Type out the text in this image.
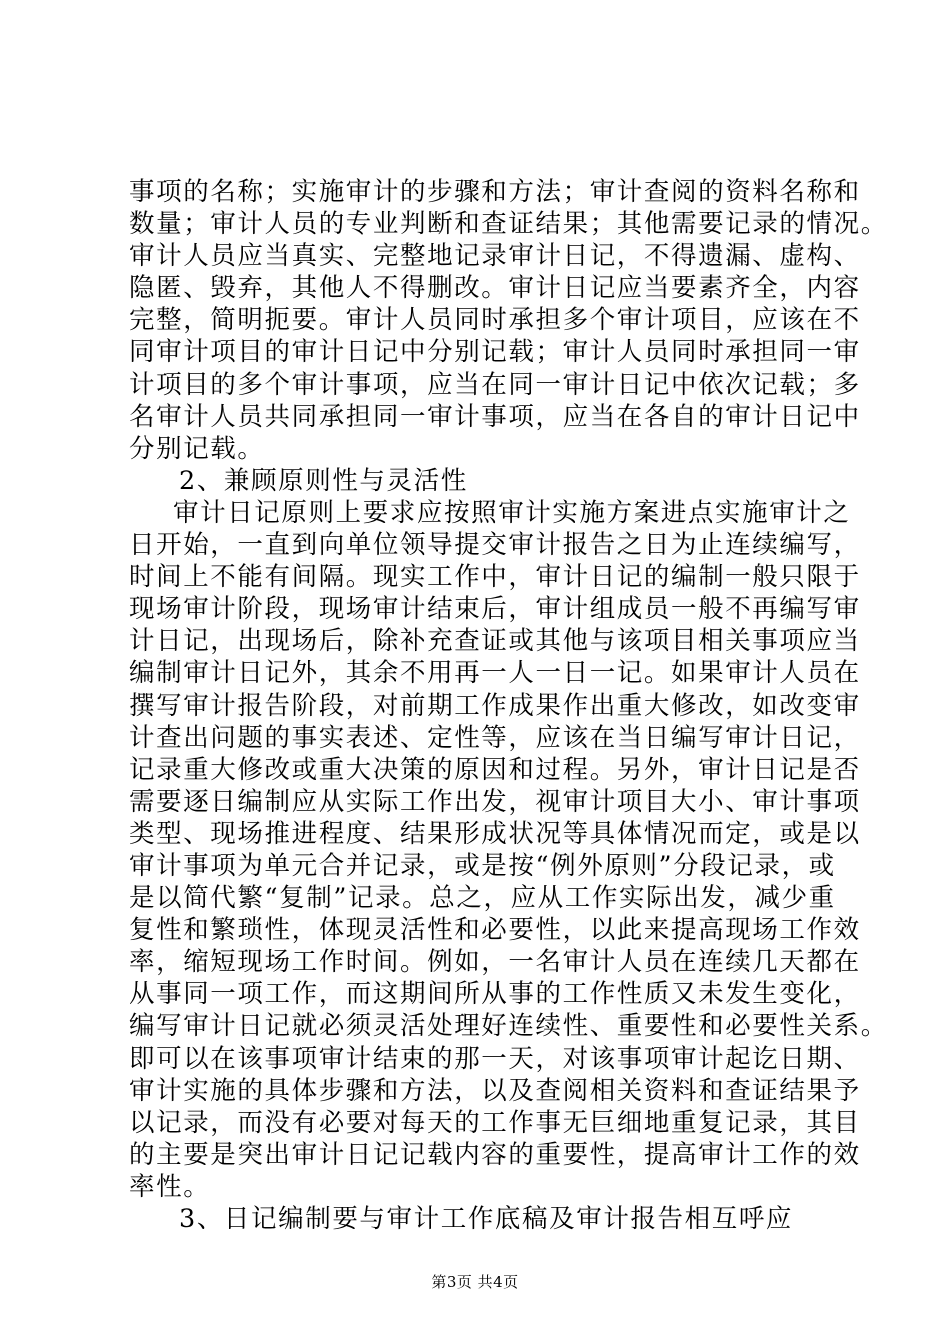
事项的名称；实施审计的步骤和方法；审计查阅的资料名称和
数量；审计人员的专业判断和查证结果；其他需要记录的情况。
审计人员应当真实、完整地记录审计日记，不得遗漏、虚构、
隐匿、毁弃，其他人不得删改。审计日记应当要素齐全，内容
完整，简明扼要。审计人员同时承担多个审计项目，应该在不
同审计项目的审计日记中分别记载；审计人员同时承担同一审
计项目的多个审计事项，应当在同一审计日记中依次记载；多
名审计人员共同承担同一审计事项，应当在各自的审计日记中
分别记载。
2、兼顾原则性与灵活性
审计日记原则上要求应按照审计实施方案进点实施审计之
日开始，一直到向单位领导提交审计报告之日为止连续编写，
时间上不能有间隔。现实工作中，审计日记的编制一般只限于
现场审计阶段，现场审计结束后，审计组成员一般不再编写审
计日记，出现场后，除补充查证或其他与该项目相关事项应当
编制审计日记外，其余不用再一人一日一记。如果审计人员在
撰写审计报告阶段，对前期工作成果作出重大修改，如改变审
计查出问题的事实表述、定性等，应该在当日编写审计日记，
记录重大修改或重大决策的原因和过程。另外，审计日记是否
需要逐日编制应从实际工作出发，视审计项目大小、审计事项
类型、现场推进程度、结果形成状况等具体情况而定，或是以
审计事项为单元合并记录，或是按“例外原则”分段记录，或
是以简代繁“复制”记录。总之，应从工作实际出发，减少重
复性和繁琐性，体现灵活性和必要性，以此来提高现场工作效
率，缩短现场工作时间。例如，一名审计人员在连续几天都在
从事同一项工作，而这期间所从事的工作性质又未发生变化，
编写审计日记就必须灵活处理好连续性、重要性和必要性关系。
即可以在该事项审计结束的那一天，对该事项审计起讫日期、
审计实施的具体步骤和方法，以及查阅相关资料和查证结果予
以记录，而没有必要对每天的工作事无巨细地重复记录，其目
的主要是突出审计日记记载内容的重要性，提高审计工作的效
率性。
3、日记编制要与审计工作底稿及审计报告相互呼应
第3页 共4页
